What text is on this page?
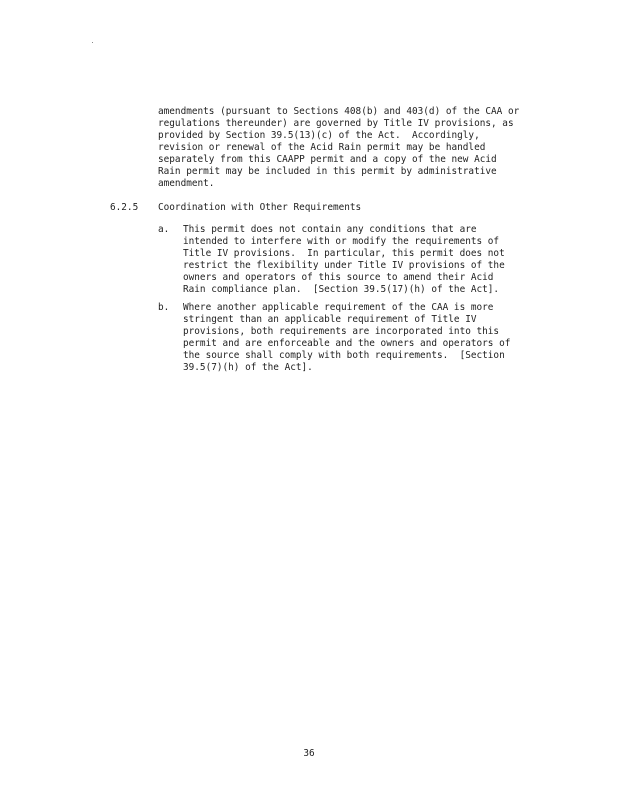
amendments (pursuant to Sections 408(b) and 403(d) of the CAA or
regulations thereunder) are governed by Title IV provisions, as
provided by Section 39.5(13)(c) of the Act.  Accordingly,
revision or renewal of the Acid Rain permit may be handled
separately from this CAAPP permit and a copy of the new Acid
Rain permit may be included in this permit by administrative
amendment.
6.2.5 Coordination with Other Requirements
a. This permit does not contain any conditions that are
intended to interfere with or modify the requirements of
Title IV provisions.  In particular, this permit does not
restrict the flexibility under Title IV provisions of the
owners and operators of this source to amend their Acid
Rain compliance plan.  [Section 39.5(17)(h) of the Act].
b. Where another applicable requirement of the CAA is more
stringent than an applicable requirement of Title IV
provisions, both requirements are incorporated into this
permit and are enforceable and the owners and operators of
the source shall comply with both requirements.  [Section
39.5(7)(h) of the Act].
36
